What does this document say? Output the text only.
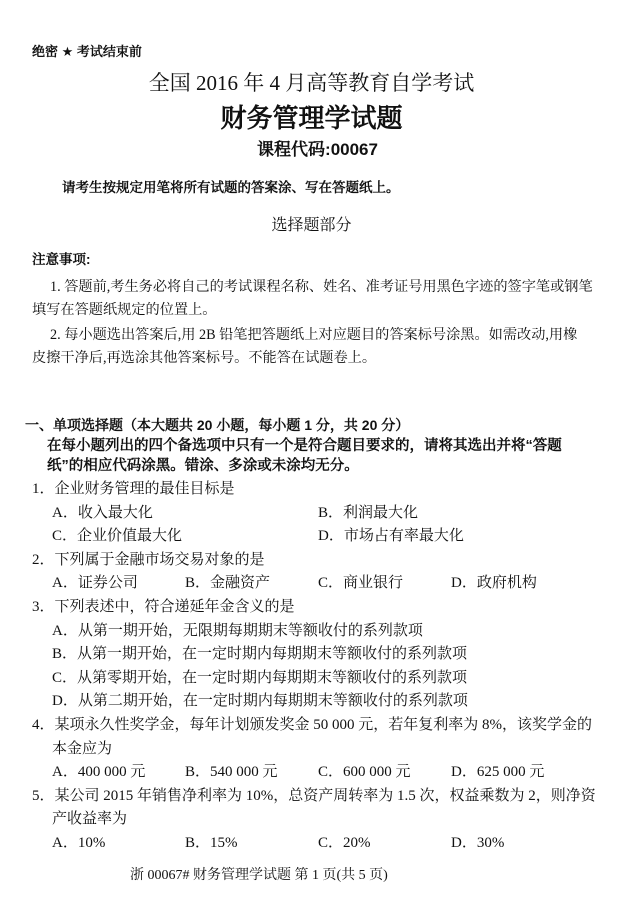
绝密 ★ 考试结束前
全国 2016 年 4 月高等教育自学考试
财务管理学试题
课程代码:00067
请考生按规定用笔将所有试题的答案涂、写在答题纸上。
选择题部分
注意事项:
1. 答题前,考生务必将自己的考试课程名称、姓名、准考证号用黑色字迹的签字笔或钢笔
填写在答题纸规定的位置上。
2. 每小题选出答案后,用 2B 铅笔把答题纸上对应题目的答案标号涂黑。如需改动,用橡
皮擦干净后,再选涂其他答案标号。不能答在试题卷上。
一、单项选择题（本大题共 20 小题，每小题 1 分，共 20 分）
在每小题列出的四个备选项中只有一个是符合题目要求的，请将其选出并将“答题
纸”的相应代码涂黑。错涂、多涂或未涂均无分。
1．企业财务管理的最佳目标是
A．收入最大化	B．利润最大化
C．企业价值最大化	D．市场占有率最大化
2．下列属于金融市场交易对象的是
A．证券公司	B．金融资产	C．商业银行	D．政府机构
3．下列表述中，符合递延年金含义的是
A．从第一期开始，无限期每期期末等额收付的系列款项
B．从第一期开始，在一定时期内每期期末等额收付的系列款项
C．从第零期开始，在一定时期内每期期末等额收付的系列款项
D．从第二期开始，在一定时期内每期期末等额收付的系列款项
4．某项永久性奖学金，每年计划颁发奖金 50 000 元，若年复利率为 8%，该奖学金的
本金应为
A．400 000 元	B．540 000 元	C．600 000 元	D．625 000 元
5．某公司 2015 年销售净利率为 10%，总资产周转率为 1.5 次，权益乘数为 2，则净资
产收益率为
A．10%	B．15%	C．20%	D．30%
浙 00067# 财务管理学试题 第 1 页(共 5 页)
